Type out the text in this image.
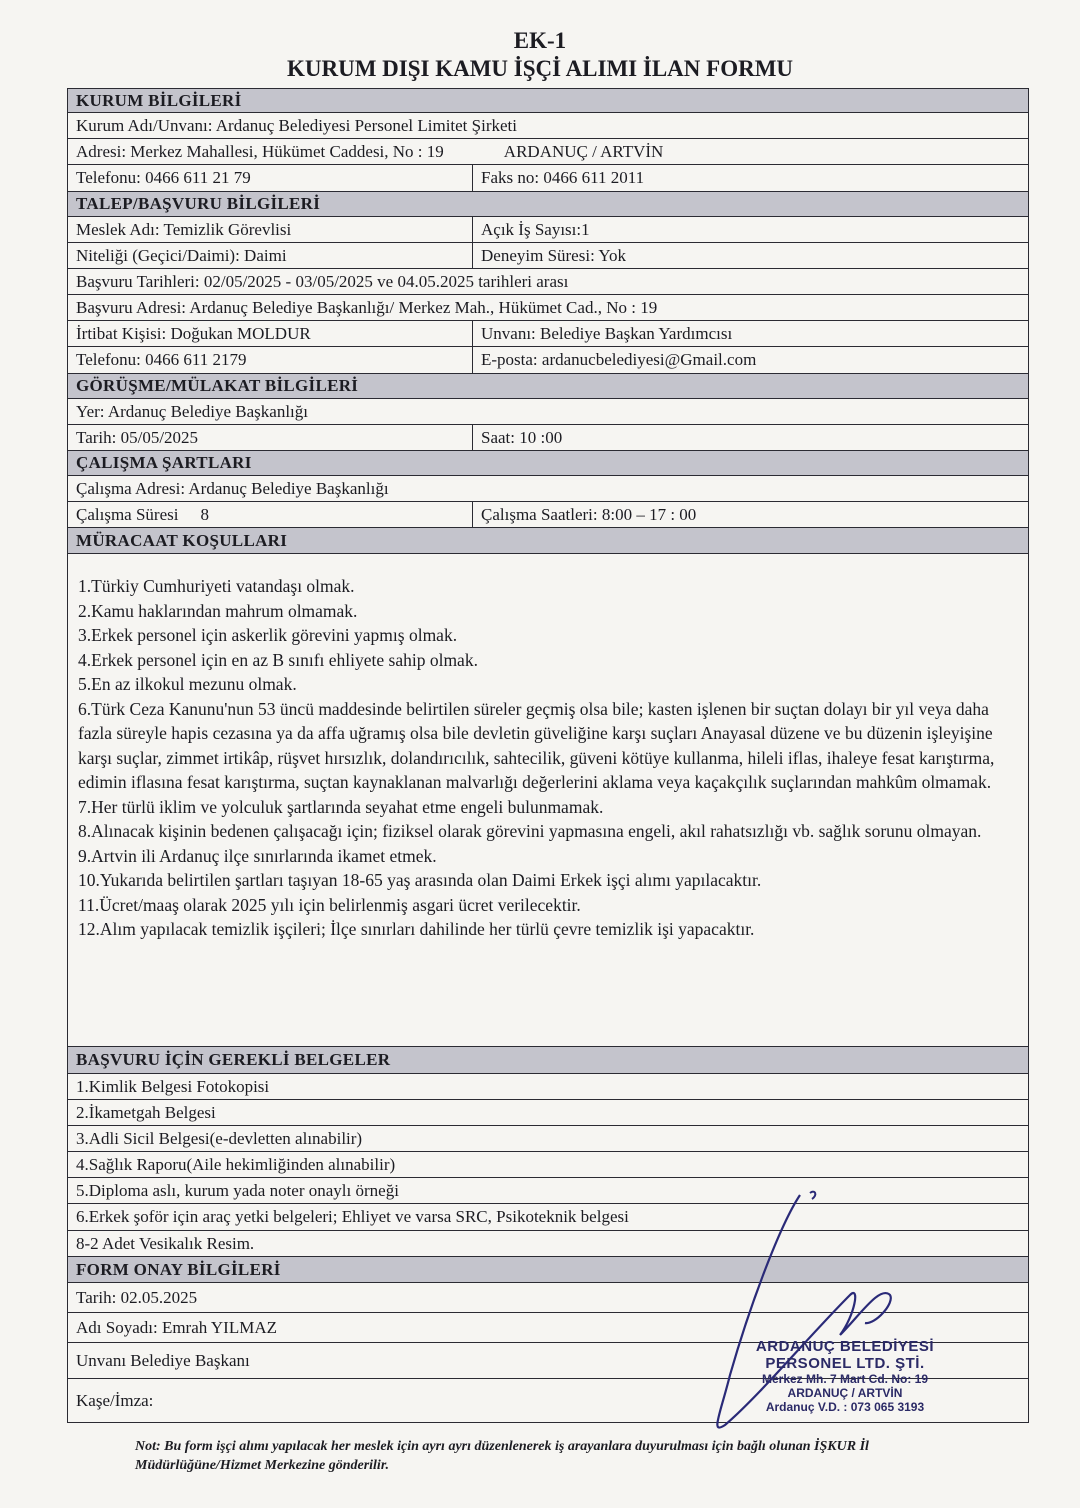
EK-1
KURUM DIŞI KAMU İŞÇİ ALIMI İLAN FORMU
KURUM BİLGİLERİ
Kurum Adı/Unvanı: Ardanuç Belediyesi Personel Limitet Şirketi
Adresi: Merkez Mahallesi, Hükümet Caddesi, No : 19	ARDANUÇ / ARTVİN
Telefonu: 0466 611 21 79	Faks no: 0466 611 2011
TALEP/BAŞVURU BİLGİLERİ
Meslek Adı: Temizlik Görevlisi	Açık İş Sayısı:1
Niteliği (Geçici/Daimi): Daimi	Deneyim Süresi: Yok
Başvuru Tarihleri: 02/05/2025 - 03/05/2025 ve 04.05.2025 tarihleri arası
Başvuru Adresi: Ardanuç Belediye Başkanlığı/ Merkez Mah., Hükümet Cad., No : 19
İrtibat Kişisi: Doğukan MOLDUR	Unvanı: Belediye Başkan Yardımcısı
Telefonu: 0466 611 2179	E-posta: ardanucbelediyesi@Gmail.com
GÖRÜŞME/MÜLAKAT BİLGİLERİ
Yer: Ardanuç Belediye Başkanlığı
Tarih: 05/05/2025	Saat: 10 :00
ÇALIŞMA ŞARTLARI
Çalışma Adresi: Ardanuç Belediye Başkanlığı
Çalışma Süresi 8	Çalışma Saatleri: 8:00 – 17 : 00
MÜRACAAT KOŞULLARI
1.Türkiy Cumhuriyeti vatandaşı olmak.
2.Kamu haklarından mahrum olmamak.
3.Erkek personel için askerlik görevini yapmış olmak.
4.Erkek personel için en az B sınıfı ehliyete sahip olmak.
5.En az ilkokul mezunu olmak.
6.Türk Ceza Kanunu'nun 53 üncü maddesinde belirtilen süreler geçmiş olsa bile; kasten işlenen bir suçtan dolayı bir yıl veya daha fazla süreyle hapis cezasına ya da affa uğramış olsa bile devletin güveliğine karşı suçları Anayasal düzene ve bu düzenin işleyişine karşı suçlar, zimmet irtikâp, rüşvet hırsızlık, dolandırıcılık, sahtecilik, güveni kötüye kullanma, hileli iflas, ihaleye fesat karıştırma, edimin iflasına fesat karıştırma, suçtan kaynaklanan malvarlığı değerlerini aklama veya kaçakçılık suçlarından mahkûm olmamak.
7.Her türlü iklim ve yolculuk şartlarında seyahat etme engeli bulunmamak.
8.Alınacak kişinin bedenen çalışacağı için; fiziksel olarak görevini yapmasına engeli, akıl rahatsızlığı vb. sağlık sorunu olmayan.
9.Artvin ili Ardanuç ilçe sınırlarında ikamet etmek.
10.Yukarıda belirtilen şartları taşıyan 18-65 yaş arasında olan Daimi Erkek işçi alımı yapılacaktır.
11.Ücret/maaş olarak 2025 yılı için belirlenmiş asgari ücret verilecektir.
12.Alım yapılacak temizlik işçileri; İlçe sınırları dahilinde her türlü çevre temizlik işi yapacaktır.
BAŞVURU İÇİN GEREKLİ BELGELER
1.Kimlik Belgesi Fotokopisi
2.İkametgah Belgesi
3.Adli Sicil Belgesi(e-devletten alınabilir)
4.Sağlık Raporu(Aile hekimliğinden alınabilir)
5.Diploma aslı, kurum yada noter onaylı örneği
6.Erkek şoför için araç yetki belgeleri; Ehliyet ve varsa SRC, Psikoteknik belgesi
8-2 Adet Vesikalık Resim.
FORM ONAY BİLGİLERİ
Tarih: 02.05.2025
Adı Soyadı: Emrah YILMAZ
Unvanı Belediye Başkanı
Kaşe/İmza:
ARDANUÇ BELEDİYESİ
PERSONEL LTD. ŞTİ.
Merkez Mh. 7 Mart Cd. No: 19
ARDANUÇ / ARTVİN
Ardanuç V.D. : 073 065 3193
Not: Bu form işçi alımı yapılacak her meslek için ayrı ayrı düzenlenerek iş arayanlara duyurulması için bağlı olunan İŞKUR İl Müdürlüğüne/Hizmet Merkezine gönderilir.
